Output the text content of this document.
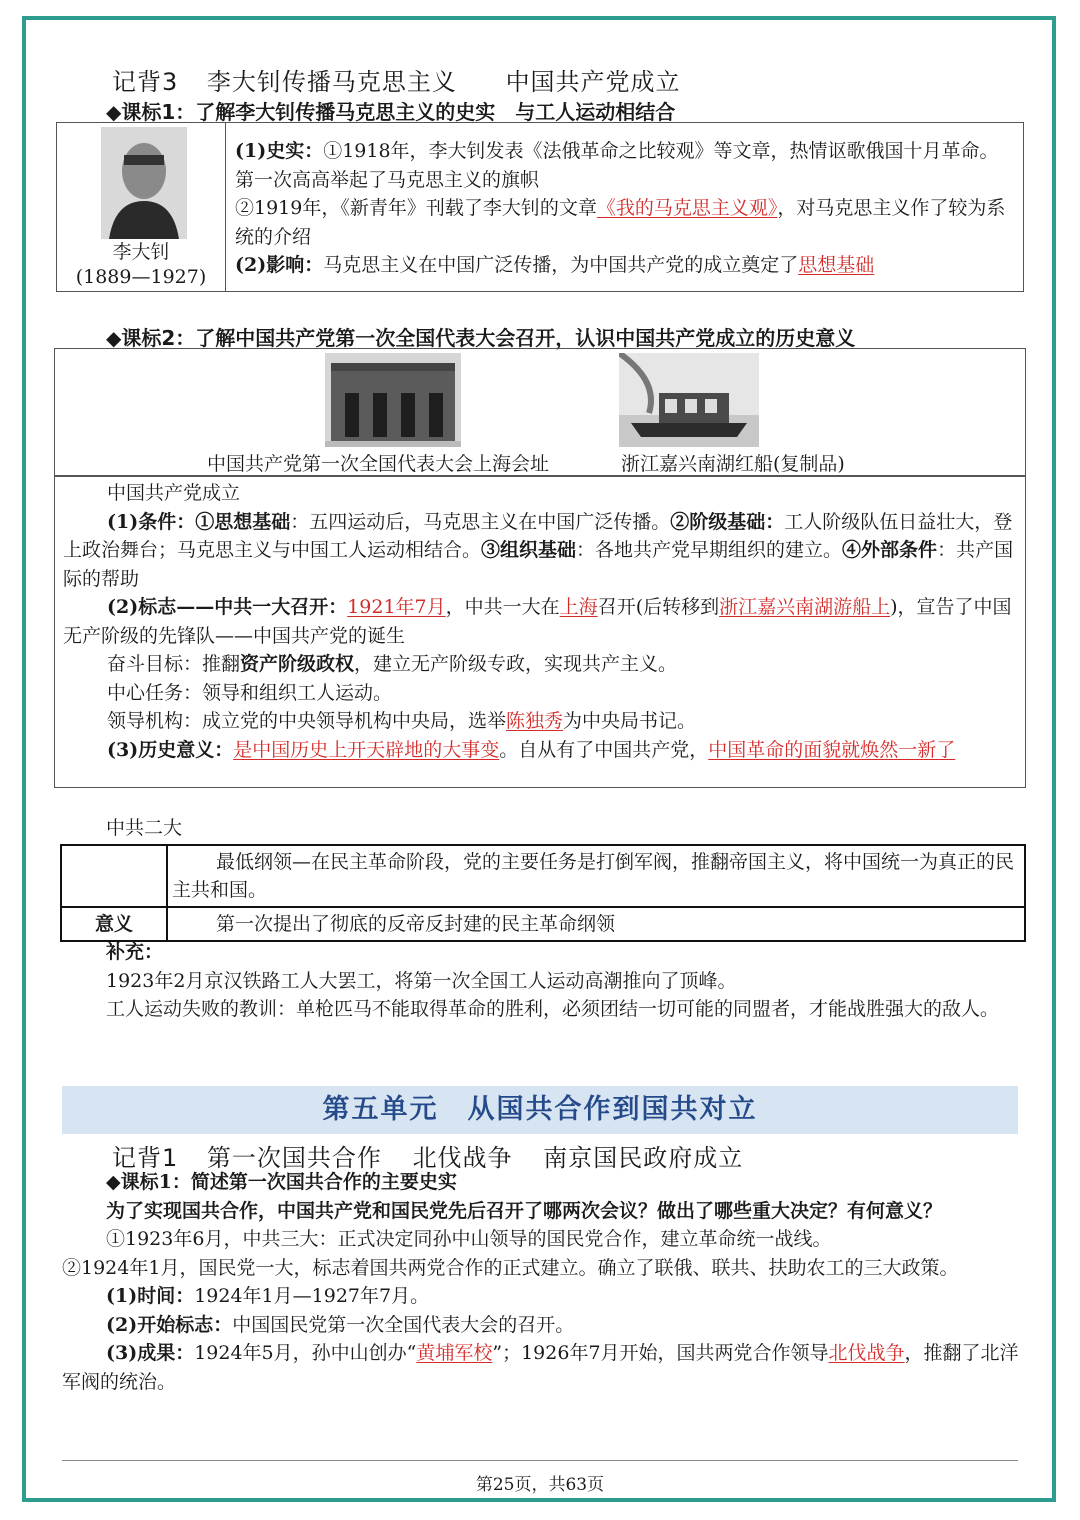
记背3 李大钊传播马克思主义 中国共产党成立
◆课标1：了解李大钊传播马克思主义的史实　与工人运动相结合
李大钊
(1889—1927)

(1)史实：①1918年，李大钊发表《法俄革命之比较观》等文章，热情讴歌俄国十月革命。第一次高高举起了马克思主义的旗帜

②1919年，《新青年》刊载了李大钊的文章《我的马克思主义观》，对马克思主义作了较为系统的介绍

(2)影响：马克思主义在中国广泛传播，为中国共产党的成立奠定了思想基础

◆课标2：了解中国共产党第一次全国代表大会召开，认识中国共产党成立的历史意义
中国共产党第一次全国代表大会上海会址	浙江嘉兴南湖红船(复制品)

中国共产党成立

(1)条件：①思想基础：五四运动后，马克思主义在中国广泛传播。②阶级基础：工人阶级队伍日益壮大，登上政治舞台；马克思主义与中国工人运动相结合。③组织基础：各地共产党早期组织的建立。④外部条件：共产国际的帮助

(2)标志——中共一大召开：1921年7月，中共一大在上海召开(后转移到浙江嘉兴南湖游船上)，宣告了中国无产阶级的先锋队——中国共产党的诞生

奋斗目标：推翻资产阶级政权，建立无产阶级专政，实现共产主义。

中心任务：领导和组织工人运动。

领导机构：成立党的中央领导机构中央局，选举陈独秀为中央局书记。

(3)历史意义：是中国历史上开天辟地的大事变。自从有了中国共产党，中国革命的面貌就焕然一新了

中共二大
	最低纲领—在民主革命阶段，党的主要任务是打倒军阀，推翻帝国主义，将中国统一为真正的民主共和国。
意义	第一次提出了彻底的反帝反封建的民主革命纲领

补充：

1923年2月京汉铁路工人大罢工，将第一次全国工人运动高潮推向了顶峰。

工人运动失败的教训：单枪匹马不能取得革命的胜利，必须团结一切可能的同盟者，才能战胜强大的敌人。

第五单元　从国共合作到国共对立
记背1 第一次国共合作 北伐战争 南京国民政府成立

◆课标1：简述第一次国共合作的主要史实

为了实现国共合作，中国共产党和国民党先后召开了哪两次会议？做出了哪些重大决定？有何意义？

①1923年6月，中共三大：正式决定同孙中山领导的国民党合作，建立革命统一战线。

②1924年1月，国民党一大，标志着国共两党合作的正式建立。确立了联俄、联共、扶助农工的三大政策。

(1)时间：1924年1月—1927年7月。

(2)开始标志：中国国民党第一次全国代表大会的召开。

(3)成果：1924年5月，孙中山创办“黄埔军校”；1926年7月开始，国共两党合作领导北伐战争，推翻了北洋军阀的统治。

第25页，共63页
